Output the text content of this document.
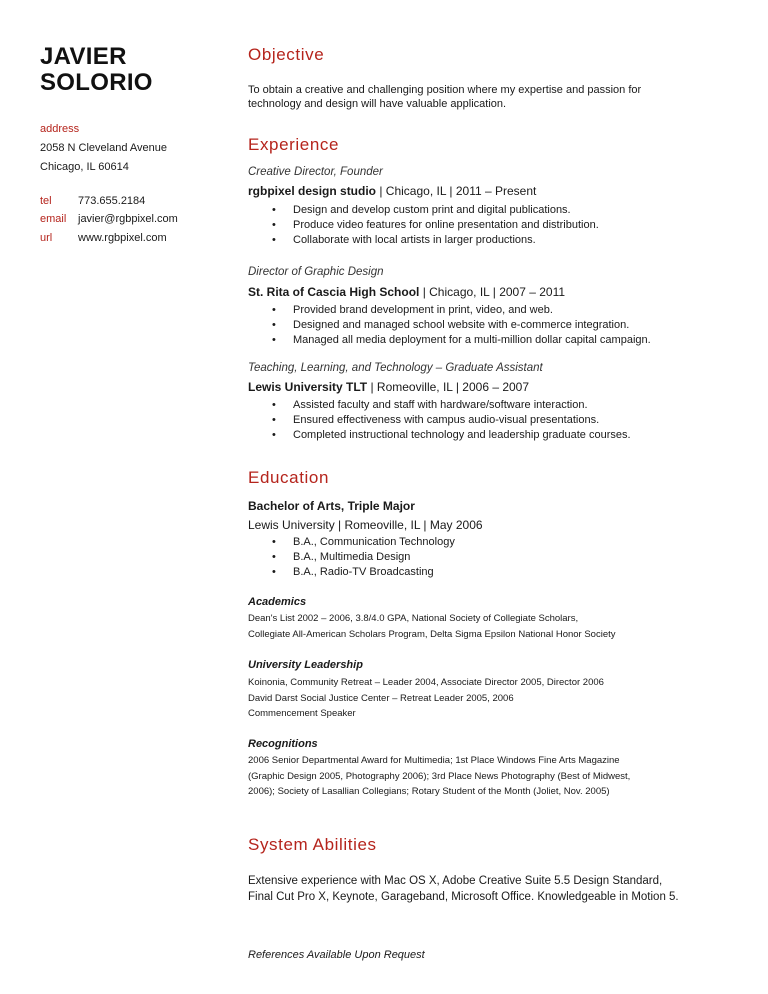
JAVIER
SOLORIO
address
2058 N Cleveland Avenue
Chicago, IL 60614
tel 773.655.2184
email javier@rgbpixel.com
url www.rgbpixel.com
Objective
To obtain a creative and challenging position where my expertise and passion for
technology and design will have valuable application.
Experience
Creative Director, Founder
rgbpixel design studio | Chicago, IL | 2011 – Present
• Design and develop custom print and digital publications.
• Produce video features for online presentation and distribution.
• Collaborate with local artists in larger productions.
Director of Graphic Design
St. Rita of Cascia High School | Chicago, IL | 2007 – 2011
• Provided brand development in print, video, and web.
• Designed and managed school website with e-commerce integration.
• Managed all media deployment for a multi-million dollar capital campaign.
Teaching, Learning, and Technology – Graduate Assistant
Lewis University TLT | Romeoville, IL | 2006 – 2007
• Assisted faculty and staff with hardware/software interaction.
• Ensured effectiveness with campus audio-visual presentations.
• Completed instructional technology and leadership graduate courses.
Education
Bachelor of Arts, Triple Major
Lewis University | Romeoville, IL | May 2006
• B.A., Communication Technology
• B.A., Multimedia Design
• B.A., Radio-TV Broadcasting
Academics
Dean's List 2002 – 2006, 3.8/4.0 GPA, National Society of Collegiate Scholars,
Collegiate All-American Scholars Program, Delta Sigma Epsilon National Honor Society
University Leadership
Koinonia, Community Retreat – Leader 2004, Associate Director 2005, Director 2006
David Darst Social Justice Center – Retreat Leader 2005, 2006
Commencement Speaker
Recognitions
2006 Senior Departmental Award for Multimedia; 1st Place Windows Fine Arts Magazine
(Graphic Design 2005, Photography 2006); 3rd Place News Photography (Best of Midwest,
2006); Society of Lasallian Collegians; Rotary Student of the Month (Joliet, Nov. 2005)
System Abilities
Extensive experience with Mac OS X, Adobe Creative Suite 5.5 Design Standard,
Final Cut Pro X, Keynote, Garageband, Microsoft Office. Knowledgeable in Motion 5.
References Available Upon Request
